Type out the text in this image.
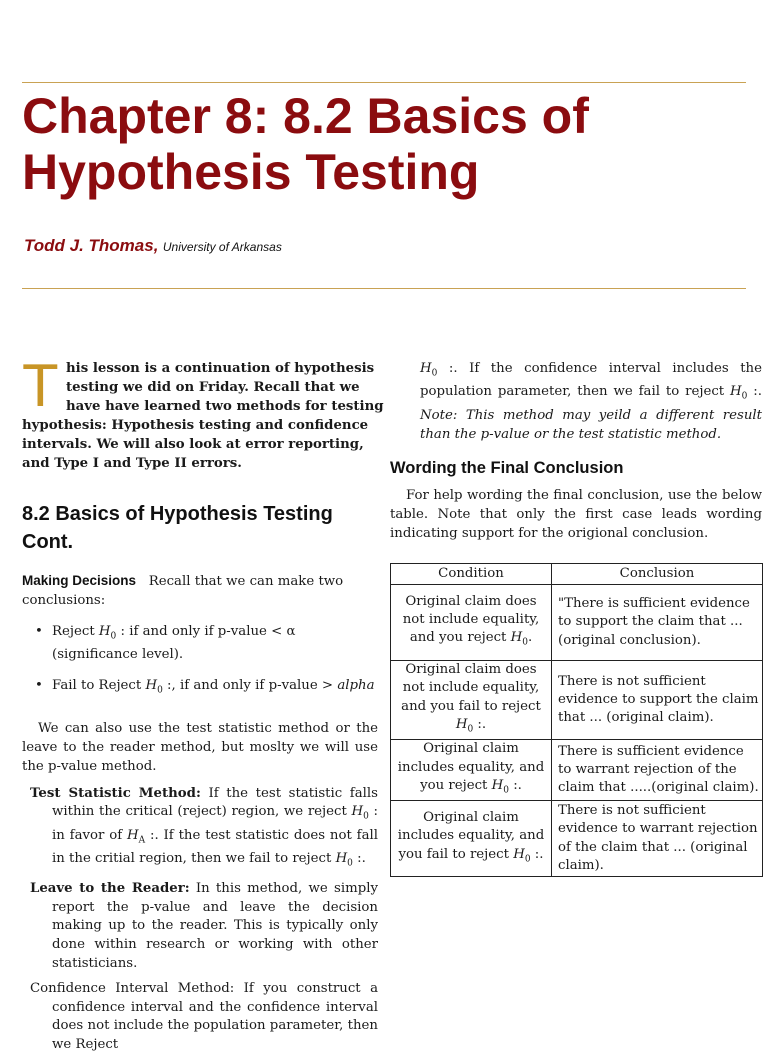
Chapter 8: 8.2 Basics of Hypothesis Testing
Todd J. Thomas, University of Arkansas
T his lesson is a continuation of hypothesis
testing we did on Friday. Recall that we
have have learned two methods for testing
hypothesis: Hypothesis testing and confidence
intervals. We will also look at error reporting,
and Type I and Type II errors.
8.2 Basics of Hypothesis Testing Cont.

Making Decisions Recall that we can make two conclusions:

• Reject $H_0$ : if and only if p-value < α (significance level).
• Fail to Reject $H_0$ :, if and only if p-value > alpha

We can also use the test statistic method or the leave to the reader method, but moslty we will use the p-value method.

Test Statistic Method: If the test statistic falls within the critical (reject) region, we reject $H_0$ : in favor of $H_A$ :. If the test statistic does not fall in the critial region, then we fail to reject $H_0$ :.

Leave to the Reader: In this method, we simply report the p-value and leave the decision making up to the reader. This is typically only done within research or working with other statisticians.

Confidence Interval Method: If you construct a confidence interval and the confidence interval does not include the population parameter, then we Reject

$H_0$ :. If the confidence interval includes the population parameter, then we fail to reject $H_0$ :. Note: This method may yeild a different result than the p-value or the test statistic method.

Wording the Final Conclusion

For help wording the final conclusion, use the below table. Note that only the first case leads wording indicating support for the origional conclusion.

Condition	Conclusion
Original claim does not include equality, and you reject $H_0$.	"There is sufficient evidence to support the claim that ... (original conclusion).
Original claim does not include equality, and you fail to reject $H_0$ :.	There is not sufficient evidence to support the claim that ... (original claim).
Original claim includes equality, and you reject $H_0$ :.	There is sufficient evidence to warrant rejection of the claim that .....(original claim).
Original claim includes equality, and you fail to reject $H_0$ :.	There is not sufficient evidence to warrant rejection of the claim that ... (original claim).
